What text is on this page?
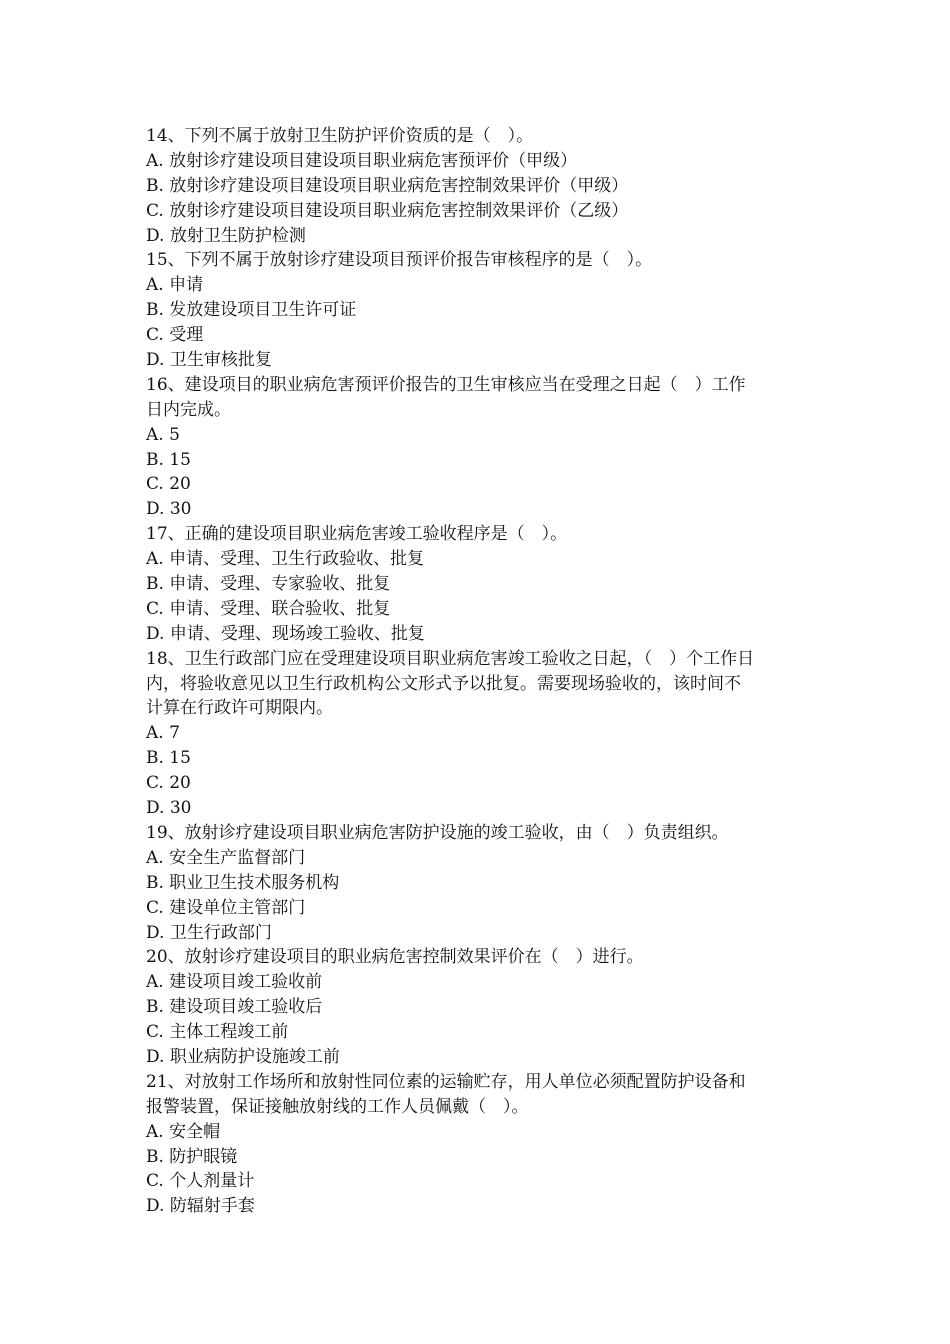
14、下列不属于放射卫生防护评价资质的是（　）。
A. 放射诊疗建设项目建设项目职业病危害预评价（甲级）
B. 放射诊疗建设项目建设项目职业病危害控制效果评价（甲级）
C. 放射诊疗建设项目建设项目职业病危害控制效果评价（乙级）
D. 放射卫生防护检测
15、下列不属于放射诊疗建设项目预评价报告审核程序的是（　）。
A. 申请
B. 发放建设项目卫生许可证
C. 受理
D. 卫生审核批复
16、建设项目的职业病危害预评价报告的卫生审核应当在受理之日起（　）工作
日内完成。
A. 5
B. 15
C. 20
D. 30
17、正确的建设项目职业病危害竣工验收程序是（　）。
A. 申请、受理、卫生行政验收、批复
B. 申请、受理、专家验收、批复
C. 申请、受理、联合验收、批复
D. 申请、受理、现场竣工验收、批复
18、卫生行政部门应在受理建设项目职业病危害竣工验收之日起，（　）个工作日
内，将验收意见以卫生行政机构公文形式予以批复。需要现场验收的，该时间不
计算在行政许可期限内。
A. 7
B. 15
C. 20
D. 30
19、放射诊疗建设项目职业病危害防护设施的竣工验收，由（　）负责组织。
A. 安全生产监督部门
B. 职业卫生技术服务机构
C. 建设单位主管部门
D. 卫生行政部门
20、放射诊疗建设项目的职业病危害控制效果评价在（　）进行。
A. 建设项目竣工验收前
B. 建设项目竣工验收后
C. 主体工程竣工前
D. 职业病防护设施竣工前
21、对放射工作场所和放射性同位素的运输贮存，用人单位必须配置防护设备和
报警装置，保证接触放射线的工作人员佩戴（　）。
A. 安全帽
B. 防护眼镜
C. 个人剂量计
D. 防辐射手套
